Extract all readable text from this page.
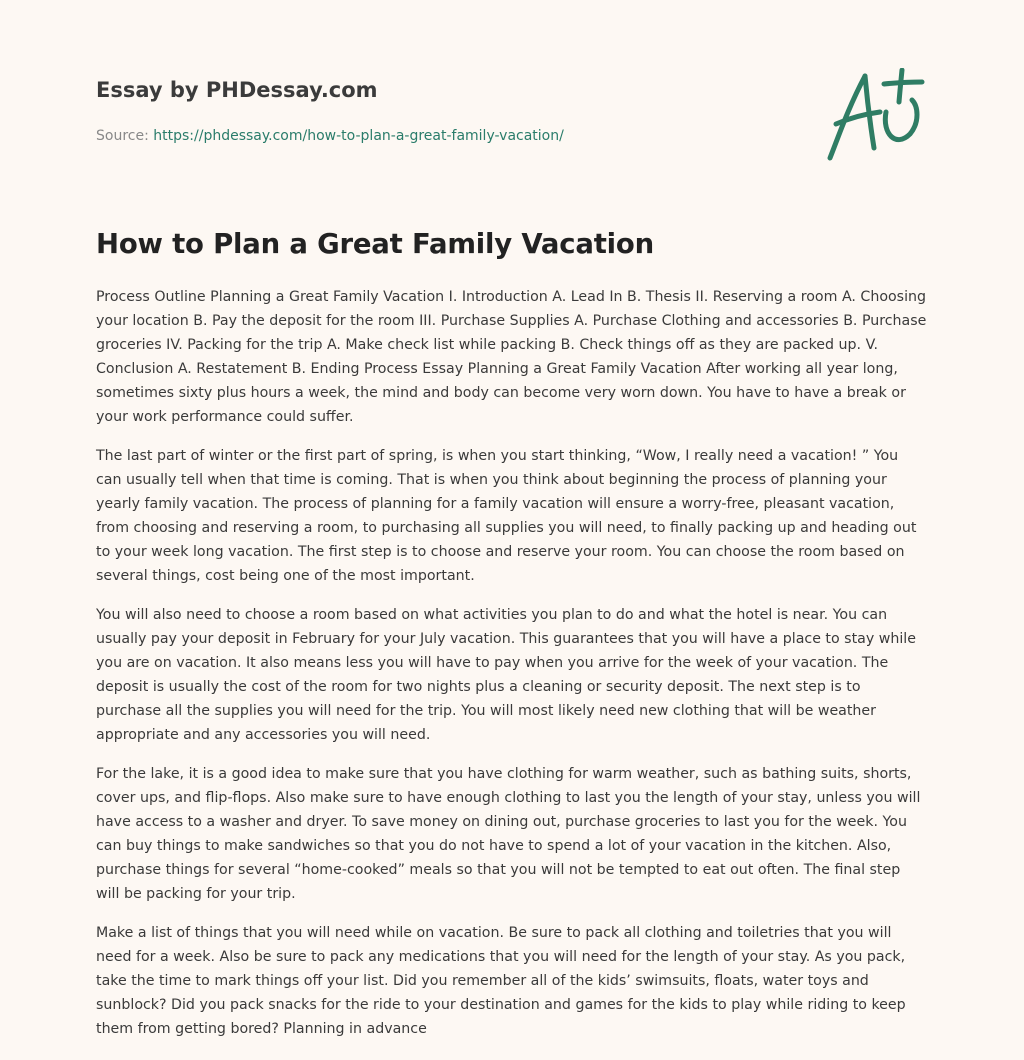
Essay by PHDessay.com
Source: https://phdessay.com/how-to-plan-a-great-family-vacation/
How to Plan a Great Family Vacation

Process Outline Planning a Great Family Vacation I. Introduction A. Lead In B. Thesis II. Reserving a room A. Choosing your location B. Pay the deposit for the room III. Purchase Supplies A. Purchase Clothing and accessories B. Purchase groceries IV. Packing for the trip A. Make check list while packing B. Check things off as they are packed up. V. Conclusion A. Restatement B. Ending Process Essay Planning a Great Family Vacation After working all year long, sometimes sixty plus hours a week, the mind and body can become very worn down. You have to have a break or your work performance could suffer.

The last part of winter or the first part of spring, is when you start thinking, “Wow, I really need a vacation! ” You can usually tell when that time is coming. That is when you think about beginning the process of planning your yearly family vacation. The process of planning for a family vacation will ensure a worry-free, pleasant vacation, from choosing and reserving a room, to purchasing all supplies you will need, to finally packing up and heading out to your week long vacation. The first step is to choose and reserve your room. You can choose the room based on several things, cost being one of the most important.

You will also need to choose a room based on what activities you plan to do and what the hotel is near. You can usually pay your deposit in February for your July vacation. This guarantees that you will have a place to stay while you are on vacation. It also means less you will have to pay when you arrive for the week of your vacation. The deposit is usually the cost of the room for two nights plus a cleaning or security deposit. The next step is to purchase all the supplies you will need for the trip. You will most likely need new clothing that will be weather appropriate and any accessories you will need.

For the lake, it is a good idea to make sure that you have clothing for warm weather, such as bathing suits, shorts, cover ups, and flip-flops. Also make sure to have enough clothing to last you the length of your stay, unless you will have access to a washer and dryer. To save money on dining out, purchase groceries to last you for the week. You can buy things to make sandwiches so that you do not have to spend a lot of your vacation in the kitchen. Also, purchase things for several “home-cooked” meals so that you will not be tempted to eat out often. The final step will be packing for your trip.

Make a list of things that you will need while on vacation. Be sure to pack all clothing and toiletries that you will need for a week. Also be sure to pack any medications that you will need for the length of your stay. As you pack, take the time to mark things off your list. Did you remember all of the kids’ swimsuits, floats, water toys and sunblock? Did you pack snacks for the ride to your destination and games for the kids to play while riding to keep them from getting bored? Planning in advance
